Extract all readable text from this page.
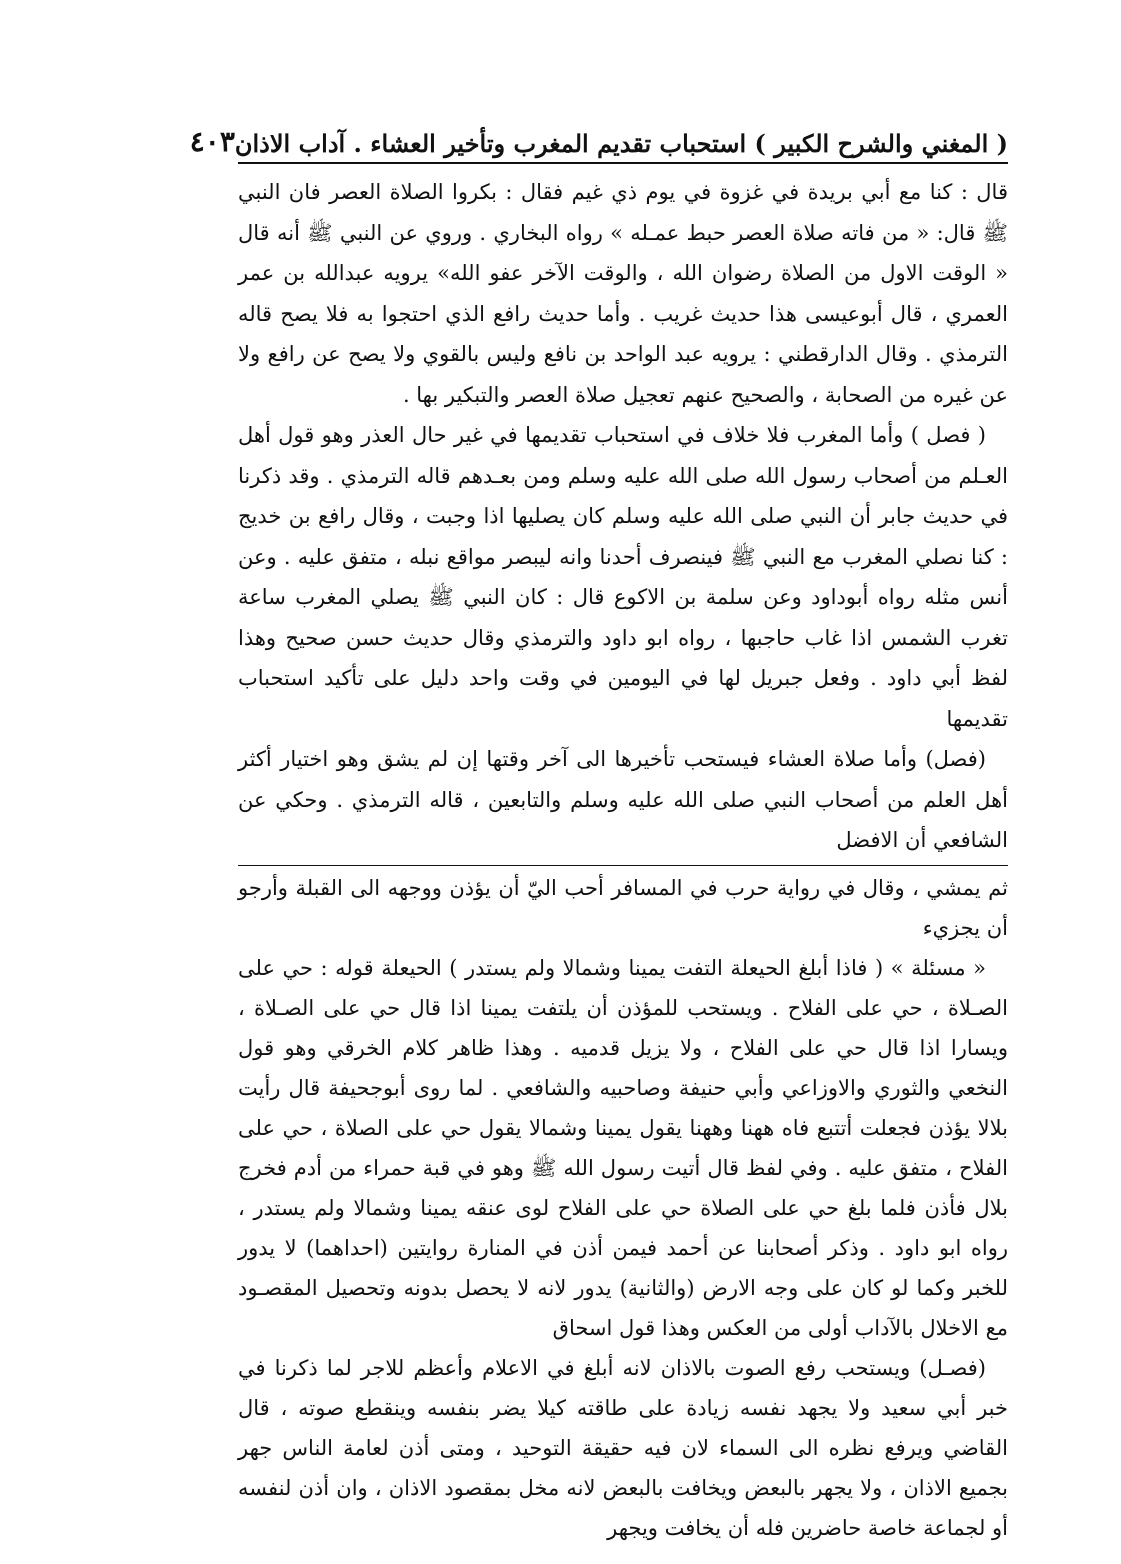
( المغني والشرح الكبير ) استحباب تقديم المغرب وتأخير العشاء . آداب الاذان
٤٠٣

قال : كنا مع أبي بريدة في غزوة في يوم ذي غيم فقال : بكروا الصلاة العصر فان النبي ﷺ قال: « من فاته صلاة العصر حبط عمـله » رواه البخاري . وروي عن النبي ﷺ أنه قال « الوقت الاول من الصلاة رضوان الله ، والوقت الآخر عفو الله» يرويه عبدالله بن عمر العمري ، قال أبوعيسى هذا حديث غريب . وأما حديث رافع الذي احتجوا به فلا يصح قاله الترمذي . وقال الدارقطني : يرويه عبد الواحد بن نافع وليس بالقوي ولا يصح عن رافع ولا عن غيره من الصحابة ، والصحيح عنهم تعجيل صلاة العصر والتبكير بها .

( فصل ) وأما المغرب فلا خلاف في استحباب تقديمها في غير حال العذر وهو قول أهل العـلم من أصحاب رسول الله صلى الله عليه وسلم ومن بعـدهم قاله الترمذي . وقد ذكرنا في حديث جابر أن النبي صلى الله عليه وسلم كان يصليها اذا وجبت ، وقال رافع بن خديج : كنا نصلي المغرب مع النبي ﷺ فينصرف أحدنا وانه ليبصر مواقع نبله ، متفق عليه . وعن أنس مثله رواه أبوداود وعن سلمة بن الاكوع قال : كان النبي ﷺ يصلي المغرب ساعة تغرب الشمس اذا غاب حاجبها ، رواه ابو داود والترمذي وقال حديث حسن صحيح وهذا لفظ أبي داود . وفعل جبريل لها في اليومين في وقت واحد دليل على تأكيد استحباب تقديمها

(فصل) وأما صلاة العشاء فيستحب تأخيرها الى آخر وقتها إن لم يشق وهو اختيار أكثر أهل العلم من أصحاب النبي صلى الله عليه وسلم والتابعين ، قاله الترمذي . وحكي عن الشافعي أن الافضل

ثم يمشي ، وقال في رواية حرب في المسافر أحب اليّ أن يؤذن ووجهه الى القبلة وأرجو أن يجزيء

« مسئلة » ( فاذا أبلغ الحيعلة التفت يمينا وشمالا ولم يستدر ) الحيعلة قوله : حي على الصـلاة ، حي على الفلاح . ويستحب للمؤذن أن يلتفت يمينا اذا قال حي على الصـلاة ، ويسارا اذا قال حي على الفلاح ، ولا يزيل قدميه . وهذا ظاهر كلام الخرقي وهو قول النخعي والثوري والاوزاعي وأبي حنيفة وصاحبيه والشافعي . لما روى أبوجحيفة قال رأيت بلالا يؤذن فجعلت أتتبع فاه ههنا وههنا يقول يمينا وشمالا يقول حي على الصلاة ، حي على الفلاح ، متفق عليه . وفي لفظ قال أتيت رسول الله ﷺ وهو في قبة حمراء من أدم فخرج بلال فأذن فلما بلغ حي على الصلاة حي على الفلاح لوى عنقه يمينا وشمالا ولم يستدر ، رواه ابو داود . وذكر أصحابنا عن أحمد فيمن أذن في المنارة روايتين (احداهما) لا يدور للخبر وكما لو كان على وجه الارض (والثانية) يدور لانه لا يحصل بدونه وتحصيل المقصـود مع الاخلال بالآداب أولى من العكس وهذا قول اسحاق

(فصـل) ويستحب رفع الصوت بالاذان لانه أبلغ في الاعلام وأعظم للاجر لما ذكرنا في خبر أبي سعيد ولا يجهد نفسه زيادة على طاقته كيلا يضر بنفسه وينقطع صوته ، قال القاضي ويرفع نظره الى السماء لان فيه حقيقة التوحيد ، ومتى أذن لعامة الناس جهر بجميع الاذان ، ولا يجهر بالبعض ويخافت بالبعض لانه مخل بمقصود الاذان ، وان أذن لنفسه أو لجماعة خاصة حاضرين فله أن يخافت ويجهر
